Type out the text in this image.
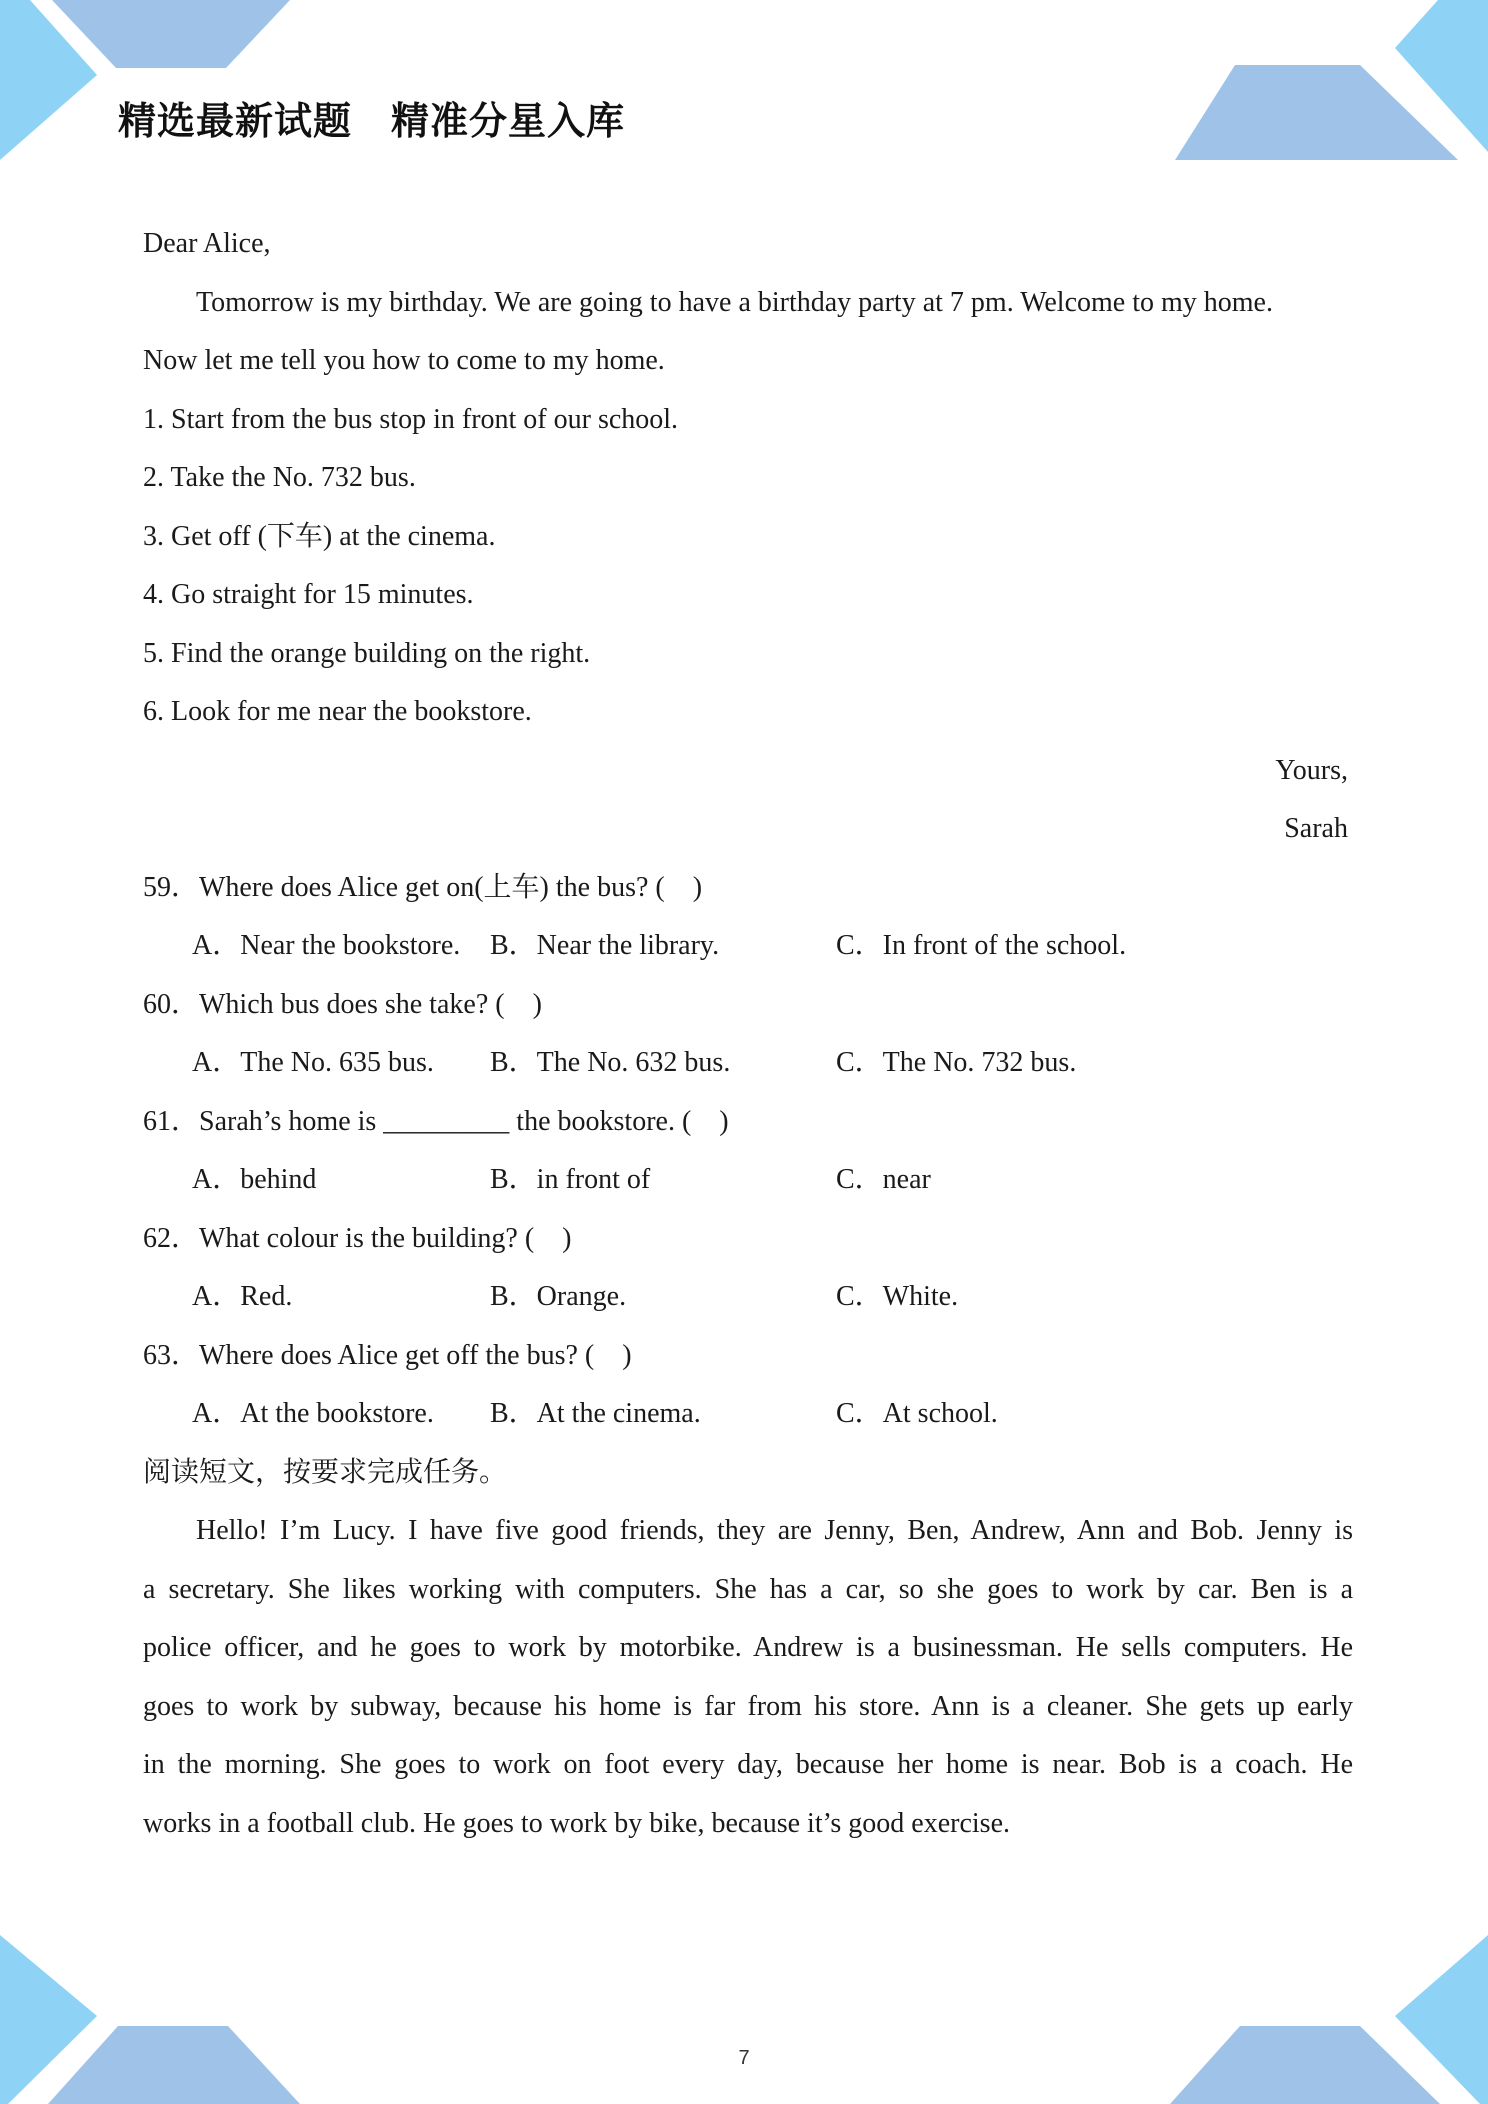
精选最新试题　精准分星入库
Dear Alice,
Tomorrow is my birthday. We are going to have a birthday party at 7 pm. Welcome to my home.
Now let me tell you how to come to my home.
1. Start from the bus stop in front of our school.
2. Take the No. 732 bus.
3. Get off (下车) at the cinema.
4. Go straight for 15 minutes.
5. Find the orange building on the right.
6. Look for me near the bookstore.
Yours,
Sarah
59．Where does Alice get on(上车) the bus? (　)
A．Near the bookstore.	B．Near the library.	C．In front of the school.
60．Which bus does she take? (　)
A．The No. 635 bus.	B．The No. 632 bus.	C．The No. 732 bus.
61．Sarah’s home is _________ the bookstore. (　)
A．behind	B．in front of	C．near
62．What colour is the building? (　)
A．Red.	B．Orange.	C．White.
63．Where does Alice get off the bus? (　)
A．At the bookstore.	B．At the cinema.	C．At school.
阅读短文，按要求完成任务。
Hello! I’m Lucy. I have five good friends, they are Jenny, Ben, Andrew, Ann and Bob. Jenny is
a secretary. She likes working with computers. She has a car, so she goes to work by car. Ben is a
police officer, and he goes to work by motorbike. Andrew is a businessman. He sells computers. He
goes to work by subway, because his home is far from his store. Ann is a cleaner. She gets up early
in the morning. She goes to work on foot every day, because her home is near. Bob is a coach. He
works in a football club. He goes to work by bike, because it’s good exercise.
7
